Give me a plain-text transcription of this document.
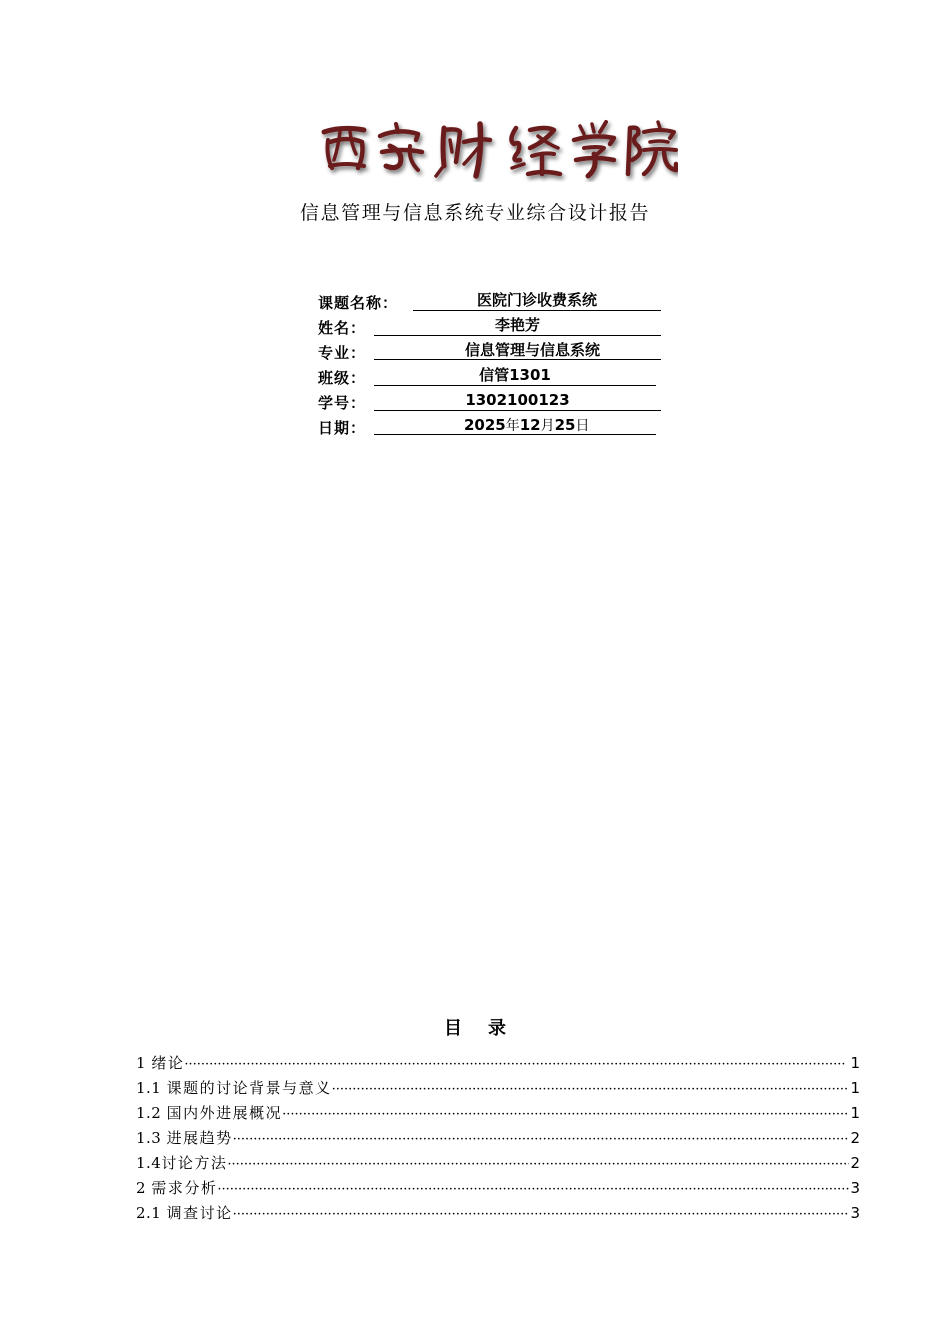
信息管理与信息系统专业综合设计报告
课题名称：	医院门诊收费系统
姓名：	李艳芳
专业：	信息管理与信息系统
班级：	信管1301
学号：	1302100123
日期：	2025年12月25日
目录
1 绪论 ·····	1
1.1 课题的讨论背景与意义 ·····	1
1.2 国内外进展概况 ·····	1
1.3 进展趋势 ·····	2
1.4 讨论方法 ·····	2
2 需求分析 ·····	3
2.1 调查讨论 ·····	3
